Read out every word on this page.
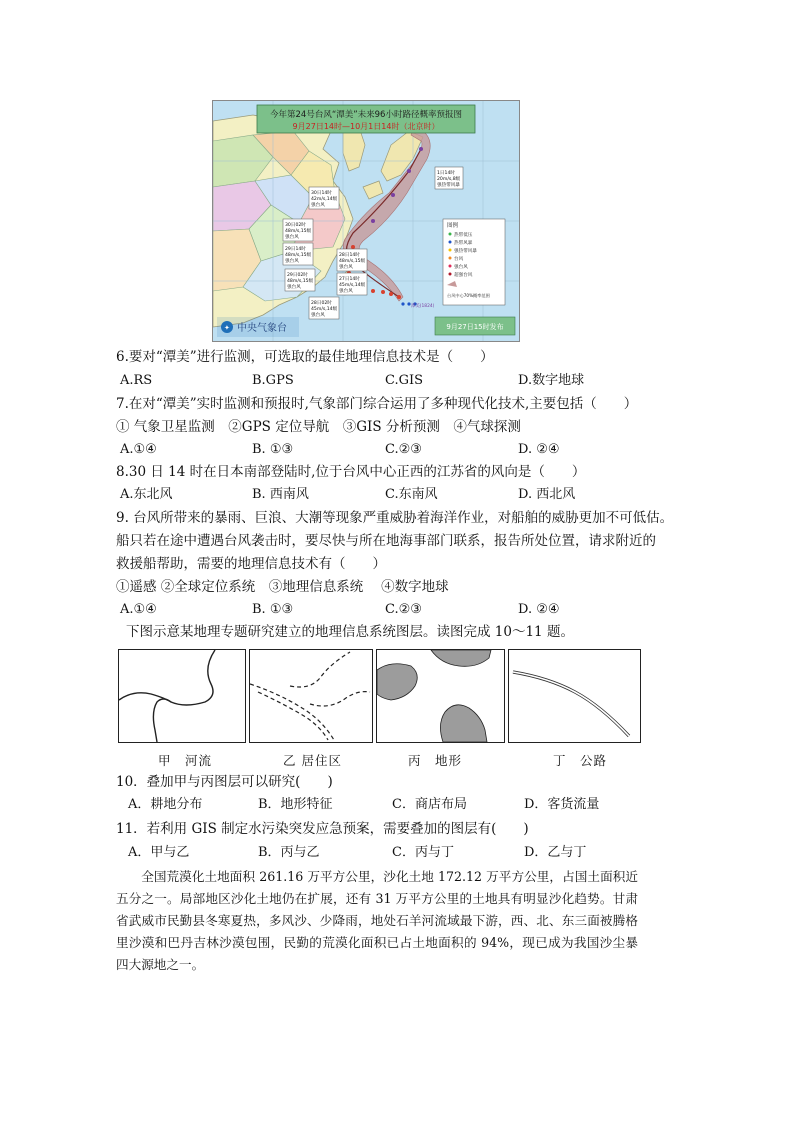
今年第24号台风“潭美”未来96小时路径概率预报图
9月27日14时—10月1日14时（北京时）
1日14时
20m/s,8级
强热带风暴
30日14时
42m/s,14级
强台风
30日02时
48m/s,15级
强台风
29日14时
48m/s,15级
强台风
28日14时
48m/s,15级
强台风
29日02时
48m/s,15级
强台风
27日14时
45m/s,14级
强台风
28日02时
45m/s,14级
强台风
潭美(1824)
图例
热带低压
热带风暴
强热带风暴
台风
强台风
超强台风
台风中心70%概率范围
✦ 中央气象台	9月27日15时发布
6.要对“潭美”进行监测，可选取的最佳地理信息技术是（　　）
A.RS	B.GPS	C.GIS	D.数字地球
7.在对“潭美”实时监测和预报时,气象部门综合运用了多种现代化技术,主要包括（　　）
① 气象卫星监测　②GPS 定位导航　③GIS 分析预测　④气球探测
A.①④	B. ①③	C.②③	D. ②④
8.30 日 14 时在日本南部登陆时,位于台风中心正西的江苏省的风向是（　　）
A.东北风	B. 西南风	C.东南风	D. 西北风
9. 台风所带来的暴雨、巨浪、大潮等现象严重威胁着海洋作业，对船舶的威胁更加不可低估。
船只若在途中遭遇台风袭击时，要尽快与所在地海事部门联系，报告所处位置，请求附近的
救援船帮助，需要的地理信息技术有（　　）
①遥感 ②全球定位系统　③地理信息系统　 ④数字地球
A.①④	B. ①③	C.②③	D. ②④
下图示意某地理专题研究建立的地理信息系统图层。读图完成 10～11 题。
甲　河流	乙 居住区	丙　地形	丁　公路
10．叠加甲与丙图层可以研究(　　)
A．耕地分布	B．地形特征	C．商店布局	D．客货流量
11．若利用 GIS 制定水污染突发应急预案，需要叠加的图层有(　　)
A．甲与乙	B．丙与乙	C．丙与丁	D．乙与丁

全国荒漠化土地面积 261.16 万平方公里，沙化土地 172.12 万平方公里，占国土面积近五分之一。局部地区沙化土地仍在扩展，还有 31 万平方公里的土地具有明显沙化趋势。甘肃省武威市民勤县冬寒夏热，多风沙、少降雨，地处石羊河流域最下游，西、北、东三面被腾格里沙漠和巴丹吉林沙漠包围，民勤的荒漠化面积已占土地面积的 94%，现已成为我国沙尘暴四大源地之一。
